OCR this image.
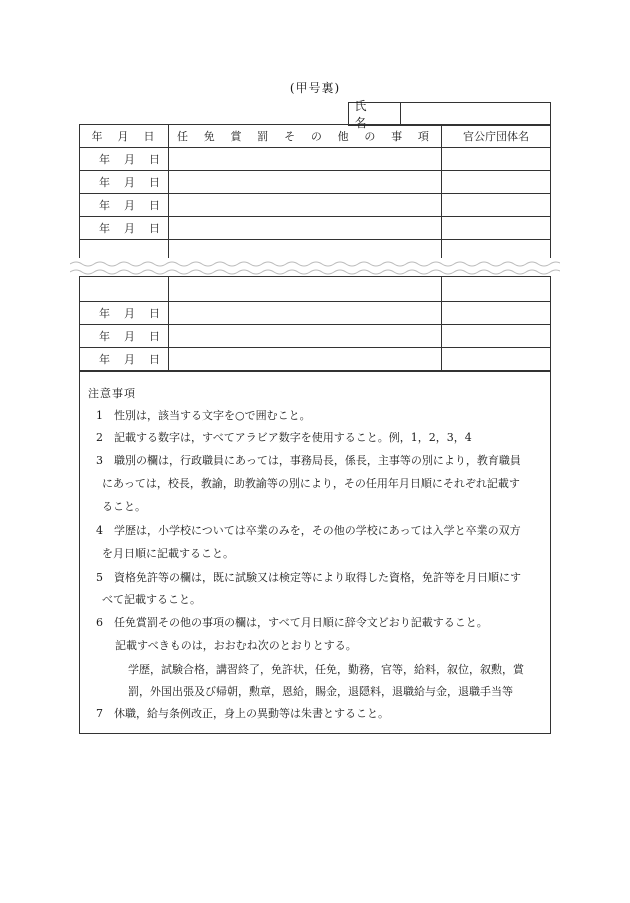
(甲号裏)
氏　名
年　月　日	任 免 賞 罰 そ の 他 の 事 項	官公庁団体名
年 月 日
年 月 日
年 月 日
年 月 日
年 月 日
年 月 日
年 月 日
注意事項
1　性別は，該当する文字を○で囲むこと。
2　記載する数字は，すべてアラビア数字を使用すること。例，1，2，3，4
3　職別の欄は，行政職員にあっては，事務局長，係長，主事等の別により，教育職員
にあっては，校長，教諭，助教諭等の別により，その任用年月日順にそれぞれ記載す
ること。
4　学歴は，小学校については卒業のみを，その他の学校にあっては入学と卒業の双方
を月日順に記載すること。
5　資格免許等の欄は，既に試験又は検定等により取得した資格，免許等を月日順にす
べて記載すること。
6　任免賞罰その他の事項の欄は，すべて月日順に辞令文どおり記載すること。
記載すべきものは，おおむね次のとおりとする。
学歴，試験合格，講習終了，免許状，任免，勤務，官等，給料，叙位，叙勲，賞
罰，外国出張及び帰朝，勲章，恩給，賜金，退隠料，退職給与金，退職手当等
7　休職，給与条例改正，身上の異動等は朱書とすること。
